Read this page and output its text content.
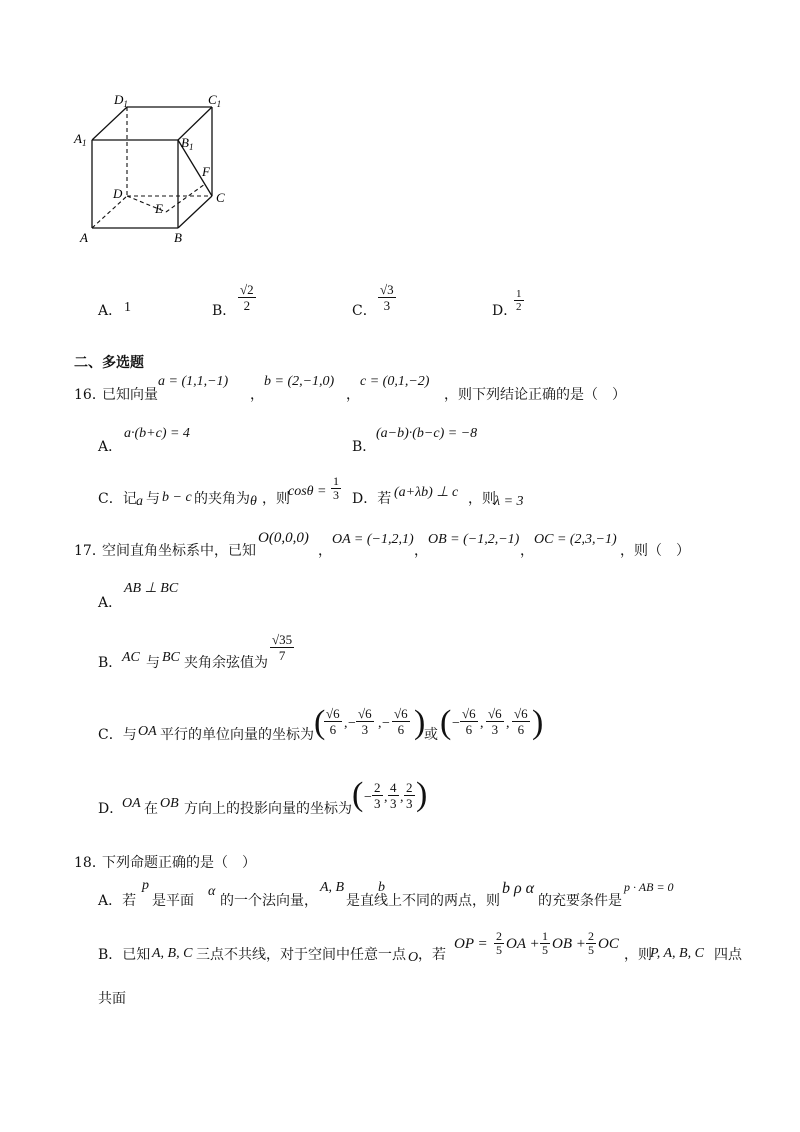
$D_1$	$C_1$
$A_1$	$B_1$
F
D	C
E
A	B
A． 1	B． $\frac{√2}{2}$	C． $\frac{√3}{3}$	D．
$\frac{1}{2}$
二、多选题
16．
已知向量
a = (1,1,−1)
，
b = (2,−1,0)
，
c = (0,1,−2)
，则下列结论正确的是（　）
A．
a·(b+c) = 4
B．
(a−b)·(b−c) = −8
C．记 a 与 b − c 的夹角为 θ ，则
$\cos\theta = \frac{1}{3}$ D．若 (a+λb) ⊥ c ，则
λ = 3
17．
空间直角坐标系中，已知
O(0,0,0)
，
OA = (−1,2,1)
，
OB = (−1,2,−1)
，
OC = (2,3,−1)
，则（　）
A．
AB ⊥ BC
B． AC 与 BC 夹角余弦值为 $\frac{√35}{7}$
C．与 OA 平行的单位向量的坐标为 (
$\frac{√6}{6}$ , − $\frac{√6}{3}$ , − $\frac{√6}{6}$ )
或 ( − $\frac{√6}{6}$ , $\frac{√6}{3}$ , $\frac{√6}{6}$ )
D．
OA 在 OB 方向上的投影向量的坐标为 ( − $\frac{2}{3}$ , $\frac{4}{3}$ , $\frac{2}{3}$ )
18．
下列命题正确的是（　）
A．若
p
是平面
α
的一个法向量，
A, B
是直线
b
上不同的两点，则
b ρ α
的充要条件是
p · AB = 0
B．已知 A, B, C 三点不共线，对于空间中任意一点 O ，若
OP = $\frac{2}{5}$ OA + $\frac{1}{5}$ OB + $\frac{2}{5}$ OC
，则
P, A, B, C 四点
共面
